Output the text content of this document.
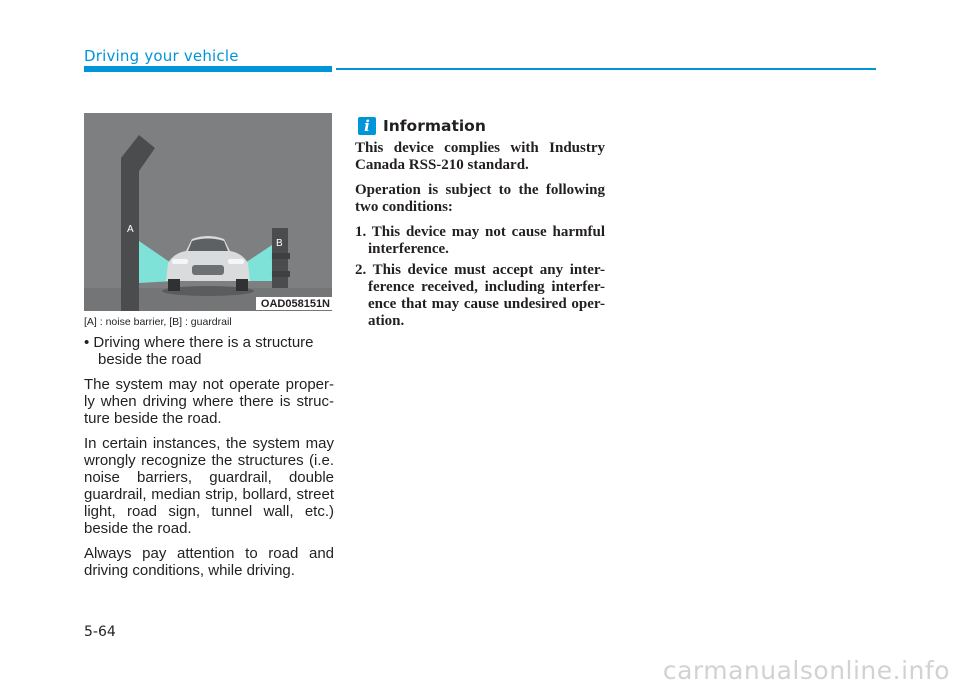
Driving your vehicle
A
B
OAD058151N
[A] : noise barrier, [B] : guardrail

• Driving where there is a structure beside the road

The system may not operate proper-ly when driving where there is struc-ture beside the road.

In certain instances, the system may wrongly recognize the structures (i.e. noise barriers, guardrail, double guardrail, median strip, bollard, street light, road sign, tunnel wall, etc.) beside the road.

Always pay attention to road and driving conditions, while driving.

i Information

This device complies with Industry Canada RSS-210 standard.

Operation is subject to the following two conditions:

1. This device may not cause harmful interference.
2. This device must accept any inter-ference received, including interfer-ence that may cause undesired oper-ation.
5-64
carmanualsonline.info
